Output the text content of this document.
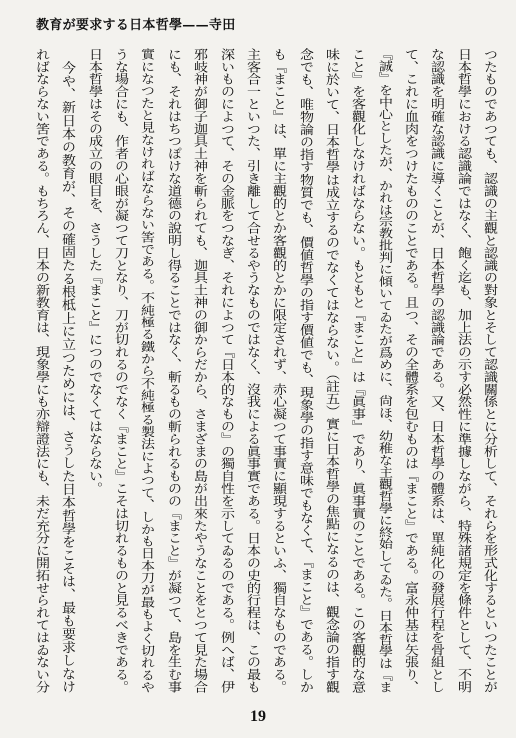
教育が要求する日本哲學——寺田
つたものであつても、認識の主觀と認識の對象とそして認識關係とに分析して、それらを形式化するといつたことが
日本哲學における認識論ではなく、飽く迄も、加上法の示す必然性に準據しながら、特殊諸規定を條件として、不明
な認識を明確な認識に導くことが、日本哲學の認識論である。又、日本哲學の體系は、單純化の發展行程を骨組とし
て、これに血肉をつけたもののことである。且つ、その全體系を包むものは『まこと』である。富永仲基は矢張り、
『誠』を中心としたが、かれは宗教批判に傾いてゐたが爲めに、尙ほ、幼稚な主觀哲學に終始してゐた。日本哲學は『ま
こと』を客觀化しなければならない。もともと『まこと』は『眞事』であり、眞事實のことである。この客觀的な意
味に於いて、日本哲學は成立するのでなくてはならない。（註五）實に日本哲學の焦點になるのは、觀念論の指す觀
念でも、唯物論の指す物質でも、價値哲學の指す價値でも、現象學の指す意味でもなくて、『まこと』である。しか
も『まこと』は、單に主觀的とか客觀的とかに限定されず、赤心凝つて事實に顯現するといふ、獨自なものである。
主客合一といつた、引き離して合せるやうなものではなく、沒我による眞事實である。日本の史的行程は、この最も
深いものによつて、その金脈をつなぎ、それによつて『日本的なもの』の獨自性を示してゐるのである。例へば、伊
邪岐神が御子迦具土神を斬られても、迦具土神の御からだから、さまざまの島が出來たやうなことをとつて見た場合
にも、それはちつぽけな道德の說明し得ることではなく、斬るもの斬られるものの『まこと』が凝つて、島を生む事
實になつたと見なければならない筈である。不純極る鐵から不純極る製法によつて、しかも日本刀が最もよく切れるや
うな場合にも、作者の心眼が凝つて刀となり、刀が切れるのでなく『まこと』こそは切れるものと見るべきである。
日本哲學はその成立の眼目を、さうした『まこと』につのでなくてはならない。
今や、新日本の教育が、その確固たる根柢上に立つためには、さうした日本哲學をこそは、最も要求しなけ
ればならない筈である。もちろん、日本の新教育は、現象學にも亦辯證法にも、未だ充分に開拓せられてはゐない分
19
